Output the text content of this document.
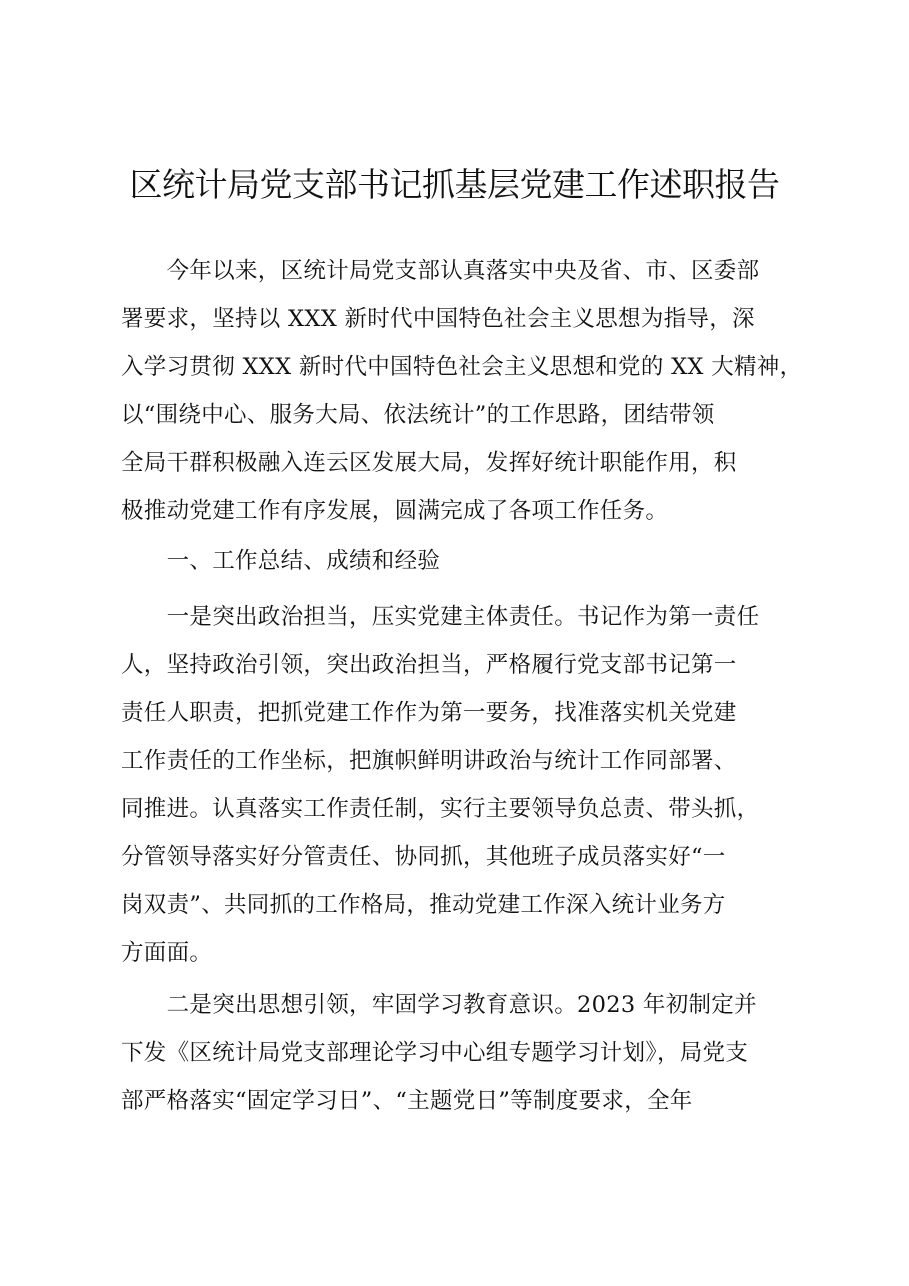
区统计局党支部书记抓基层党建工作述职报告
　　今年以来，区统计局党支部认真落实中央及省、市、区委部
署要求，坚持以 XXX 新时代中国特色社会主义思想为指导，深
入学习贯彻 XXX 新时代中国特色社会主义思想和党的 XX 大精神，
以“围绕中心、服务大局、依法统计”的工作思路，团结带领
全局干群积极融入连云区发展大局，发挥好统计职能作用，积
极推动党建工作有序发展，圆满完成了各项工作任务。
　　一、工作总结、成绩和经验
　　一是突出政治担当，压实党建主体责任。书记作为第一责任
人，坚持政治引领，突出政治担当，严格履行党支部书记第一
责任人职责，把抓党建工作作为第一要务，找准落实机关党建
工作责任的工作坐标，把旗帜鲜明讲政治与统计工作同部署、
同推进。认真落实工作责任制，实行主要领导负总责、带头抓，
分管领导落实好分管责任、协同抓，其他班子成员落实好“一
岗双责”、共同抓的工作格局，推动党建工作深入统计业务方
方面面。
　　二是突出思想引领，牢固学习教育意识。2023 年初制定并
下发《区统计局党支部理论学习中心组专题学习计划》，局党支
部严格落实“固定学习日”、“主题党日”等制度要求，全年
